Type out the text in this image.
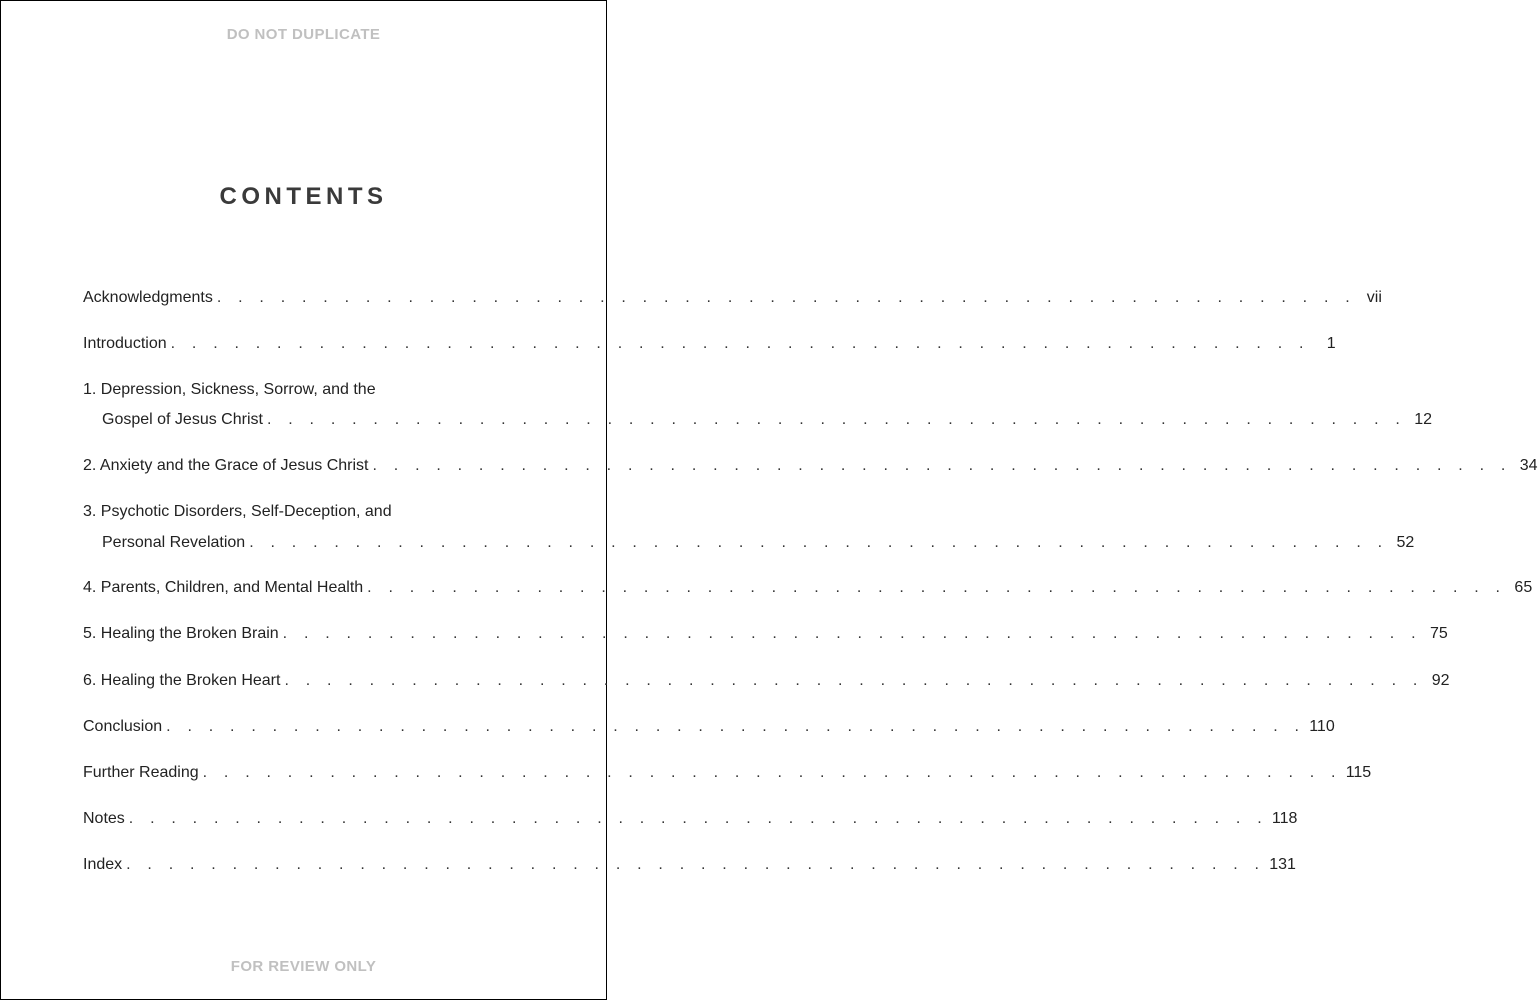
DO NOT DUPLICATE
CONTENTS
Acknowledgments . . . . . . . . . . . . . . . . . . . . . . . . . . . . . . . . . . . . . . . . . . . . . . . . . . . . . . vii
Introduction . . . . . . . . . . . . . . . . . . . . . . . . . . . . . . . . . . . . . . . . . . . . . . . . . . . . . .	1
1. Depression, Sickness, Sorrow, and the
Gospel of Jesus Christ . . . . . . . . . . . . . . . . . . . . . . . . . . . . . . . . . . . . . . . . . . . . . . . . . . . . . . 12
2. Anxiety and the Grace of Jesus Christ . . . . . . . . . . . . . . . . . . . . . . . . . . . . . . . . . . . . . . . . . . . . . . . . . . . . . . 34
3. Psychotic Disorders, Self-Deception, and
Personal Revelation . . . . . . . . . . . . . . . . . . . . . . . . . . . . . . . . . . . . . . . . . . . . . . . . . . . . . . 52
4. Parents, Children, and Mental Health . . . . . . . . . . . . . . . . . . . . . . . . . . . . . . . . . . . . . . . . . . . . . . . . . . . . . . 65
5. Healing the Broken Brain . . . . . . . . . . . . . . . . . . . . . . . . . . . . . . . . . . . . . . . . . . . . . . . . . . . . . . 75
6. Healing the Broken Heart . . . . . . . . . . . . . . . . . . . . . . . . . . . . . . . . . . . . . . . . . . . . . . . . . . . . . . 92
Conclusion . . . . . . . . . . . . . . . . . . . . . . . . . . . . . . . . . . . . . . . . . . . . . . . . . . . . . . 110
Further Reading . . . . . . . . . . . . . . . . . . . . . . . . . . . . . . . . . . . . . . . . . . . . . . . . . . . . . . 115
Notes . . . . . . . . . . . . . . . . . . . . . . . . . . . . . . . . . . . . . . . . . . . . . . . . . . . . . . 118
Index . . . . . . . . . . . . . . . . . . . . . . . . . . . . . . . . . . . . . . . . . . . . . . . . . . . . . . 131
FOR REVIEW ONLY
